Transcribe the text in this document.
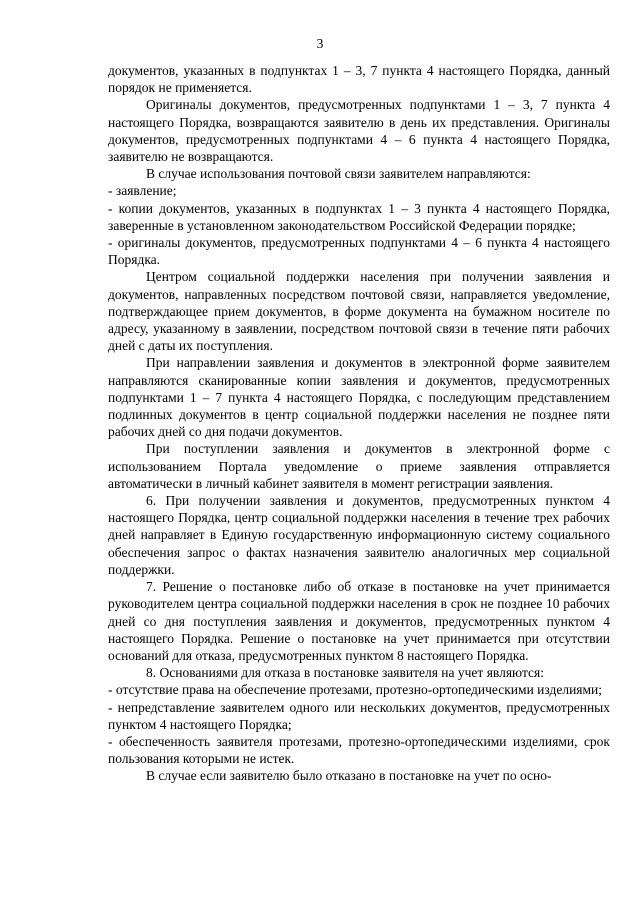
3

документов, указанных в подпунктах 1 – 3, 7 пункта 4 настоящего Порядка, данный порядок не применяется.

Оригиналы документов, предусмотренных подпунктами 1 – 3, 7 пункта 4 настоящего Порядка, возвращаются заявителю в день их представления. Оригиналы документов, предусмотренных подпунктами 4 – 6 пункта 4 настоящего Порядка, заявителю не возвращаются.

В случае использования почтовой связи заявителем направляются:

- заявление;

- копии документов, указанных в подпунктах 1 – 3 пункта 4 настоящего Порядка, заверенные в установленном законодательством Российской Федерации порядке;

- оригиналы документов, предусмотренных подпунктами 4 – 6 пункта 4 настоящего Порядка.

Центром социальной поддержки населения при получении заявления и документов, направленных посредством почтовой связи, направляется уведомление, подтверждающее прием документов, в форме документа на бумажном носителе по адресу, указанному в заявлении, посредством почтовой связи в течение пяти рабочих дней с даты их поступления.

При направлении заявления и документов в электронной форме заявителем направляются сканированные копии заявления и документов, предусмотренных подпунктами 1 – 7 пункта 4 настоящего Порядка, с последующим представлением подлинных документов в центр социальной поддержки населения не позднее пяти рабочих дней со дня подачи документов.

При поступлении заявления и документов в электронной форме с использованием Портала уведомление о приеме заявления отправляется автоматически в личный кабинет заявителя в момент регистрации заявления.

6. При получении заявления и документов, предусмотренных пунктом 4 настоящего Порядка, центр социальной поддержки населения в течение трех рабочих дней направляет в Единую государственную информационную систему социального обеспечения запрос о фактах назначения заявителю аналогичных мер социальной поддержки.

7. Решение о постановке либо об отказе в постановке на учет принимается руководителем центра социальной поддержки населения в срок не позднее 10 рабочих дней со дня поступления заявления и документов, предусмотренных пунктом 4 настоящего Порядка. Решение о постановке на учет принимается при отсутствии оснований для отказа, предусмотренных пунктом 8 настоящего Порядка.

8. Основаниями для отказа в постановке заявителя на учет являются:

- отсутствие права на обеспечение протезами, протезно-ортопедическими изделиями;

- непредставление заявителем одного или нескольких документов, предусмотренных пунктом 4 настоящего Порядка;

- обеспеченность заявителя протезами, протезно-ортопедическими изделиями, срок пользования которыми не истек.

В случае если заявителю было отказано в постановке на учет по осно-
